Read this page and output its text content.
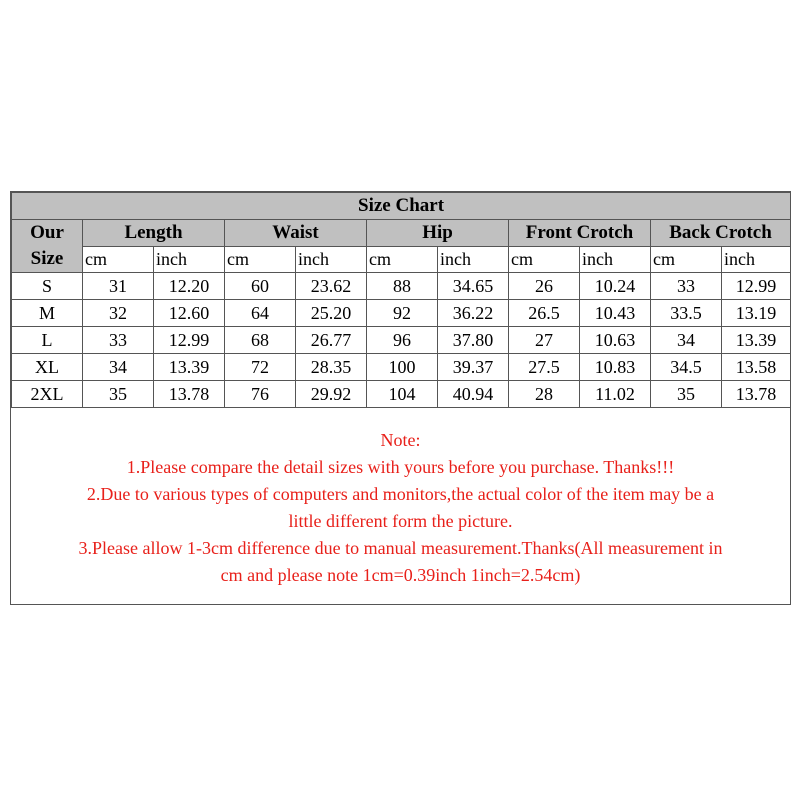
Size Chart										

Our
Size	Length		Waist		Hip		Front Crotch		Back Crotch	
	cm	inch	cm	inch	cm	inch	cm	inch	cm	inch
S	31	12.20	60	23.62	88	34.65	26	10.24	33	12.99
M	32	12.60	64	25.20	92	36.22	26.5	10.43	33.5	13.19
L	33	12.99	68	26.77	96	37.80	27	10.63	34	13.39
XL	34	13.39	72	28.35	100	39.37	27.5	10.83	34.5	13.58
2XL	35	13.78	76	29.92	104	40.94	28	11.02	35	13.78
Note:
1.Please compare the detail sizes with yours before you purchase. Thanks!!!
2.Due to various types of computers and monitors,the actual color of the item may be a
little different form the picture.
3.Please allow 1-3cm difference due to manual measurement.Thanks(All measurement in
cm and please note 1cm=0.39inch 1inch=2.54cm)
